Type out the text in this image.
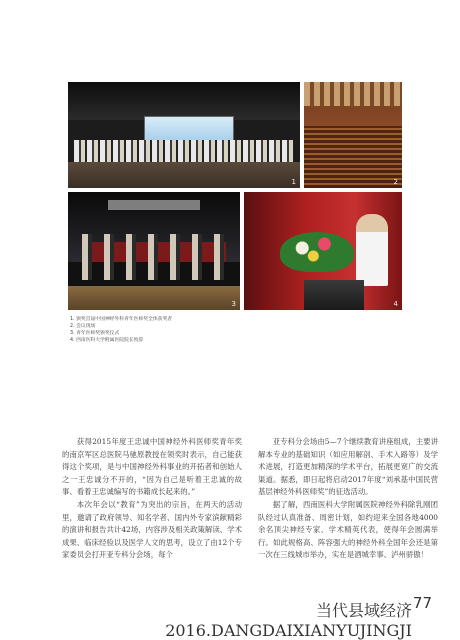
1	2
3	4
1. 颁奖首届中国神经外科青年医师奖全体获奖者
2. 会议现场
3. 青年医师奖颁奖仪式
4. 西南医科大学附属医院院长致辞

获得2015年度王忠诚中国神经外科医师奖青年奖的南京军区总医院马驰原教授在领奖时表示，自己能获得这个奖项，是与中国神经外科事业的开拓者和创始人之一王忠诚分不开的，“因为自己是听着王忠诚的故事、看着王忠诚编写的书籍成长起来的。”

本次年会以“教育”为突出的宗旨，在两天的活动里，邀请了政府领导、知名学者、国内外专家滨献精彩的演讲和报告共计42场，内容涉及相关政策解读、学术成果、临床经验以及医学人文的思考，设立了由12个专家委员会打开亚专科分会场，每个

亚专科分会场由5—7个继续教育讲座组成，主要讲解本专业的基础知识（如应用解剖、手术入路等）及学术进展，打造更加精深的学术平台，拓展更宽广的交流渠道。据悉，即日起将启动2017年度“刘承基中国民营基层神经外科医师奖”的征选活动。

据了解，西南医科大学附属医院神经外科除乳刚团队经过认真准备、周密计划，如约迎来全国各地4000余名顶尖神经专家、学术精英代表，使得年会圆满举行。如此规格高、阵容强大的神经外科全国年会还是第一次在三线城市举办，实在是酒城幸事、泸州骄傲！

当代县域经济
2016.DANGDAIXIANYUJINGJI
77
